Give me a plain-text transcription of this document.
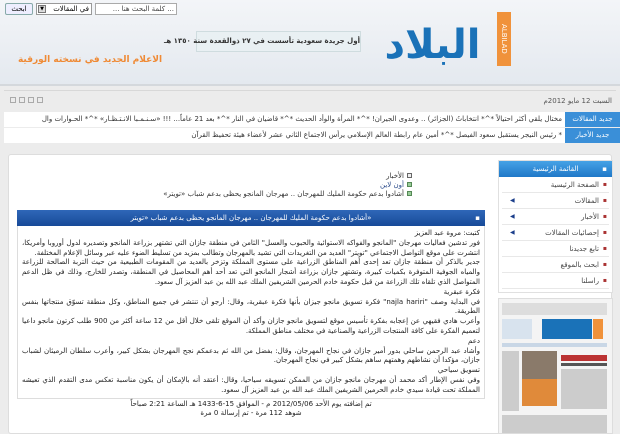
ابحث	في المقالات
▼	... كلمة البحث هنا ...
البلاد	ALBILAD
أول جريدة سعودية تأسست في ٢٧ ذوالقعدة سنة ١٣٥٠ هـ
الاعلام الجديد في نسخته الورقية
السبت 12 مايو 2012م
جديد المقالات
مختال يلقي أكثر احتيالاً *^* انتخاباتُ (الجزائر) .. وعدوى الجيران! *^* المرأة والوأد الحديث *^* قاضيان في النار *^* بعد 21 عاماً... !!! «سـنـمـبا الانـتـظـار» *^* الحـوارات وال
جديد الأخبار
* رئيس النيجر يستقبل سعود الفيصل *^* أمين عام رابطة العالم الإسلامي يرأس الاجتماع الثاني عشر لأعضاء هيئة تحفيظ القرآن
القائمة الرئيسية	▪
▪
الصفحة الرئيسية
▪
المقالات
◀
▪
الأخبار
◀
▪
إحصائيات المقالات
◀
▪
تابع جديدنا
▪
ابحث بالموقع
▪
راسلنا
الأخبار
أون لاين
أشادوا بدعم حكومة المليك للمهرجان .. مهرجان المانجو يحظى بدعم شباب «تويتر»
«أشادوا بدعم حكومة المليك للمهرجان .. مهرجان المانجو يحظى بدعم شباب «تويتر	▪
كتبت: مروة عبد العزيز
فور تدشين فعاليات مهرجان "المانجو والفواكه الاستوائية والحبوب والعسل" الثامن في منطقة جازان التي تشتهر بزراعة المانجو وتصديره لدول أوروبا وأمريكا، انتشرت على موقع التواصل الاجتماعي "تويتر" العديد من التغريدات التي تشيد بالمهرجان وتطالب بمزيد من تسليط الضوء عليه عبر وسائل الإعلام المختلفة.
جدير بالذكر أن منطقة جازان تعد إحدى أهم المناطق الزراعية على مستوى المملكة وتزخر بالعديد من المقومات الطبيعية من حيث التربة الصالحة للزراعة والمياه الجوفية المتوفرة بكميات كبيرة، وتشتهر جازان بزراعة أشجار المانجو التي تعد أحد أهم المحاصيل في المنطقة، وتصدر للخارج، وذلك في ظل الدعم المتواصل الذي تلقاه تلك الزراعة من قبل حكومة خادم الحرمين الشريفين الملك عبد الله بن عبد العزيز آل سعود.
فكرة عبقرية
في البداية وصف "najla hariri" فكرة تسويق مانجو جيزان بأنها فكرة عبقرية، وقال: أرجو أن تنتشر في جميع المناطق، وكل منطقة تسوّق منتجاتها بنفس الطريقة.
وأعرب هادي فقيهي عن إعجابه بفكرة تأسيس موقع لتسويق مانجو جازان وأكد أن الموقع تلقى خلال أقل من 12 ساعة أكثر من 900 طلب كرتون مانجو داعيا لتعميم الفكرة على كافة المنتجات الزراعية والصناعية في مختلف مناطق المملكة.
دعم
وأشاد عبد الرحمن ساحلي بدور أمير جازان في نجاح المهرجان، وقال: بفضل من الله ثم بدعمكم نجح المهرجان بشكل كبير، وأعرب سلطان الرميثان لشباب جازان، مؤكدا أن نشاطهم وهمتهم ساهم بشكل كبير في نجاح المهرجان.
تسويق سياحي
وفي نفس الإطار أكد محمد أن مهرجان مانجو جازان من الممكن تسويقه سياحيا، وقال: أعتقد أنه بالإمكان أن يكون مناسبة تعكس مدى التقدم الذي تعيشه المملكة تحت قيادة سيدي خادم الحرمين الشريفين الملك عبد الله بن عبد العزيز آل سعود.
تم إضافته يوم الأحد 2012/05/06 م - الموافق 15-6-1433 هـ الساعة 2:21 صباحاً
شوهد 112 مرة - تم إرسالة 0 مرة
